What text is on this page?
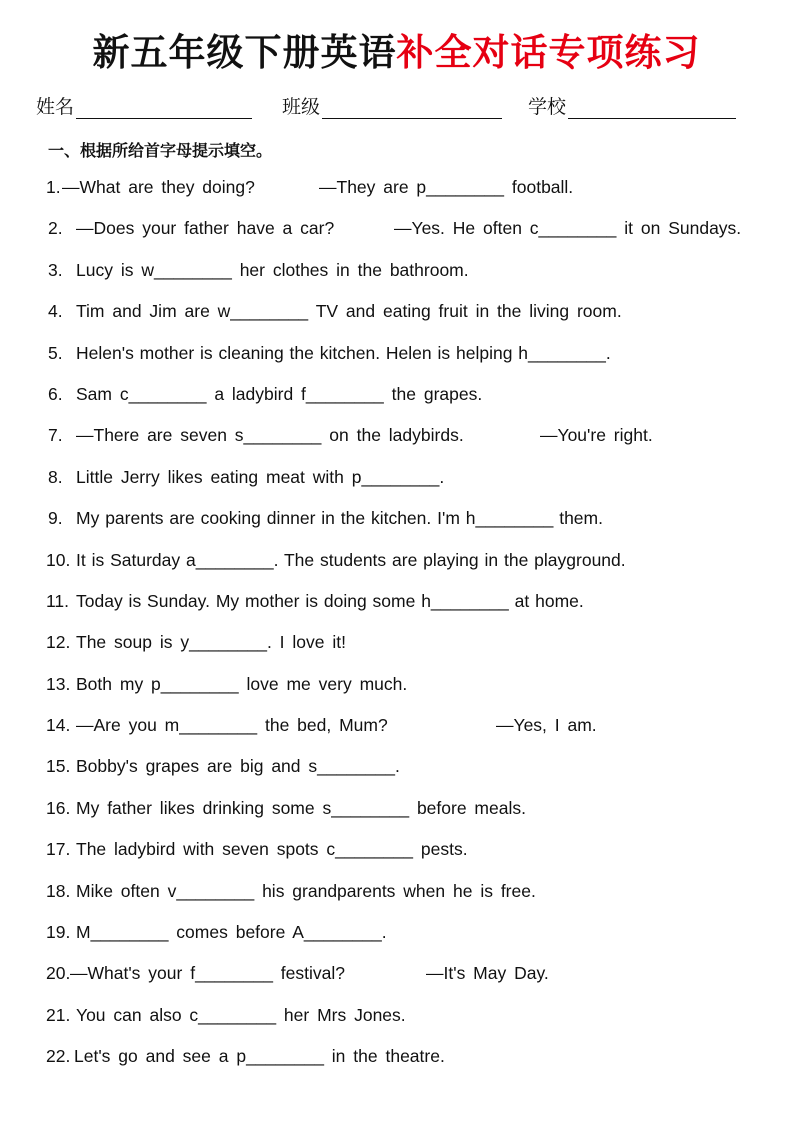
新五年级下册英语补全对话专项练习
姓名	班级	学校
一、根据所给首字母提示填空。
1. —What are they doing?	—They are p________ football.
2. —Does your father have a car?	—Yes. He often c________ it on Sundays.
3. Lucy is w________ her clothes in the bathroom.
4. Tim and Jim are w________ TV and eating fruit in the living room.
5. Helen's mother is cleaning the kitchen. Helen is helping h________.
6. Sam c________ a ladybird f________ the grapes.
7. —There are seven s________ on the ladybirds.	—You're right.
8. Little Jerry likes eating meat with p________.
9. My parents are cooking dinner in the kitchen. I'm h________ them.
10. It is Saturday a________. The students are playing in the playground.
11. Today is Sunday. My mother is doing some h________ at home.
12. The soup is y________. I love it!
13. Both my p________ love me very much.
14. —Are you m________ the bed, Mum?	—Yes, I am.
15. Bobby's grapes are big and s________.
16. My father likes drinking some s________ before meals.
17. The ladybird with seven spots c________ pests.
18. Mike often v________ his grandparents when he is free.
19. M________ comes before A________.
20. —What's your f________ festival?	—It's May Day.
21. You can also c________ her Mrs Jones.
22. Let's go and see a p________ in the theatre.
